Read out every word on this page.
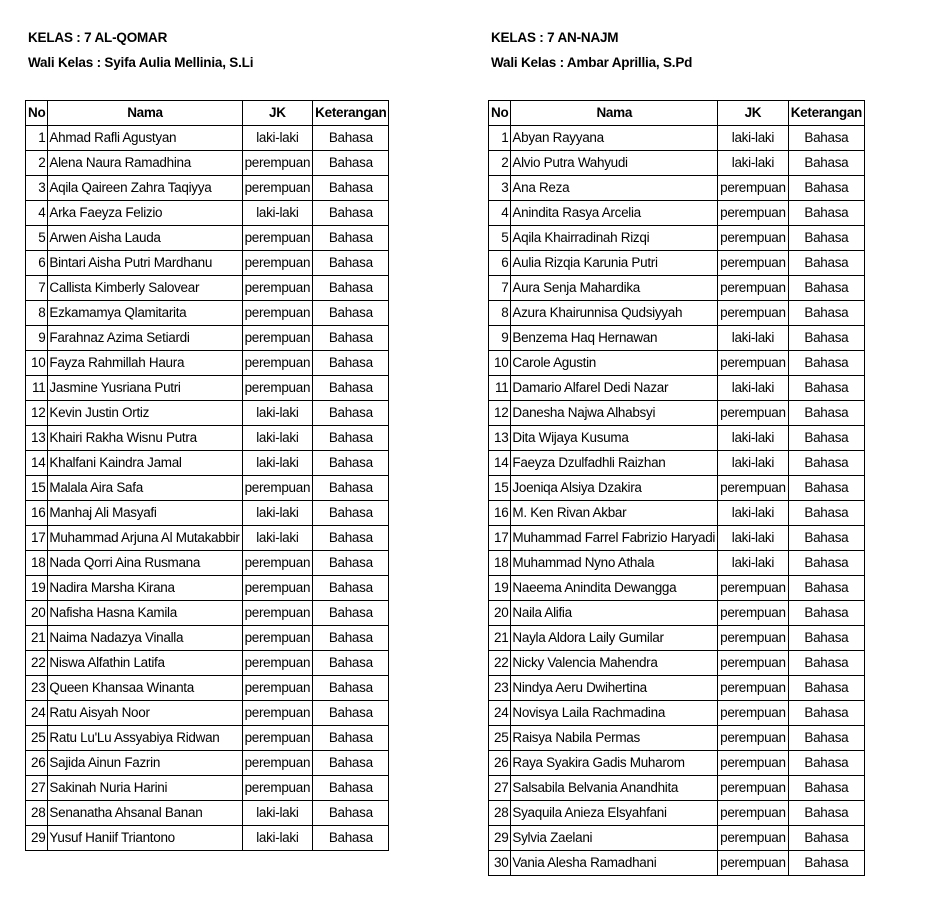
KELAS : 7 AL-QOMAR
Wali Kelas : Syifa Aulia Mellinia, S.Li
No	Nama	JK	Keterangan
1	Ahmad Rafli Agustyan	laki-laki	Bahasa
2	Alena Naura Ramadhina	perempuan	Bahasa
3	Aqila Qaireen Zahra Taqiyya	perempuan	Bahasa
4	Arka Faeyza Felizio	laki-laki	Bahasa
5	Arwen Aisha Lauda	perempuan	Bahasa
6	Bintari Aisha Putri Mardhanu	perempuan	Bahasa
7	Callista Kimberly Salovear	perempuan	Bahasa
8	Ezkamamya Qlamitarita	perempuan	Bahasa
9	Farahnaz Azima Setiardi	perempuan	Bahasa
10	Fayza Rahmillah Haura	perempuan	Bahasa
11	Jasmine Yusriana Putri	perempuan	Bahasa
12	Kevin Justin Ortiz	laki-laki	Bahasa
13	Khairi Rakha Wisnu Putra	laki-laki	Bahasa
14	Khalfani Kaindra Jamal	laki-laki	Bahasa
15	Malala Aira Safa	perempuan	Bahasa
16	Manhaj Ali Masyafi	laki-laki	Bahasa
17	Muhammad Arjuna Al Mutakabbir	laki-laki	Bahasa
18	Nada Qorri Aina Rusmana	perempuan	Bahasa
19	Nadira Marsha Kirana	perempuan	Bahasa
20	Nafisha Hasna Kamila	perempuan	Bahasa
21	Naima Nadazya Vinalla	perempuan	Bahasa
22	Niswa Alfathin Latifa	perempuan	Bahasa
23	Queen Khansaa Winanta	perempuan	Bahasa
24	Ratu Aisyah Noor	perempuan	Bahasa
25	Ratu Lu'Lu Assyabiya Ridwan	perempuan	Bahasa
26	Sajida Ainun Fazrin	perempuan	Bahasa
27	Sakinah Nuria Harini	perempuan	Bahasa
28	Senanatha Ahsanal Banan	laki-laki	Bahasa
29	Yusuf Haniif Triantono	laki-laki	Bahasa
KELAS : 7 AN-NAJM
Wali Kelas : Ambar Aprillia, S.Pd
No	Nama	JK	Keterangan
1	Abyan Rayyana	laki-laki	Bahasa
2	Alvio Putra Wahyudi	laki-laki	Bahasa
3	Ana Reza	perempuan	Bahasa
4	Anindita Rasya Arcelia	perempuan	Bahasa
5	Aqila Khairradinah Rizqi	perempuan	Bahasa
6	Aulia Rizqia Karunia Putri	perempuan	Bahasa
7	Aura Senja Mahardika	perempuan	Bahasa
8	Azura Khairunnisa Qudsiyyah	perempuan	Bahasa
9	Benzema Haq Hernawan	laki-laki	Bahasa
10	Carole Agustin	perempuan	Bahasa
11	Damario Alfarel Dedi Nazar	laki-laki	Bahasa
12	Danesha Najwa Alhabsyi	perempuan	Bahasa
13	Dita Wijaya Kusuma	laki-laki	Bahasa
14	Faeyza Dzulfadhli Raizhan	laki-laki	Bahasa
15	Joeniqa Alsiya Dzakira	perempuan	Bahasa
16	M. Ken Rivan Akbar	laki-laki	Bahasa
17	Muhammad Farrel Fabrizio Haryadi	laki-laki	Bahasa
18	Muhammad Nyno Athala	laki-laki	Bahasa
19	Naeema Anindita Dewangga	perempuan	Bahasa
20	Naila Alifia	perempuan	Bahasa
21	Nayla Aldora Laily Gumilar	perempuan	Bahasa
22	Nicky Valencia Mahendra	perempuan	Bahasa
23	Nindya Aeru Dwihertina	perempuan	Bahasa
24	Novisya Laila Rachmadina	perempuan	Bahasa
25	Raisya Nabila Permas	perempuan	Bahasa
26	Raya Syakira Gadis Muharom	perempuan	Bahasa
27	Salsabila Belvania Anandhita	perempuan	Bahasa
28	Syaquila Anieza Elsyahfani	perempuan	Bahasa
29	Sylvia Zaelani	perempuan	Bahasa
30	Vania Alesha Ramadhani	perempuan	Bahasa
